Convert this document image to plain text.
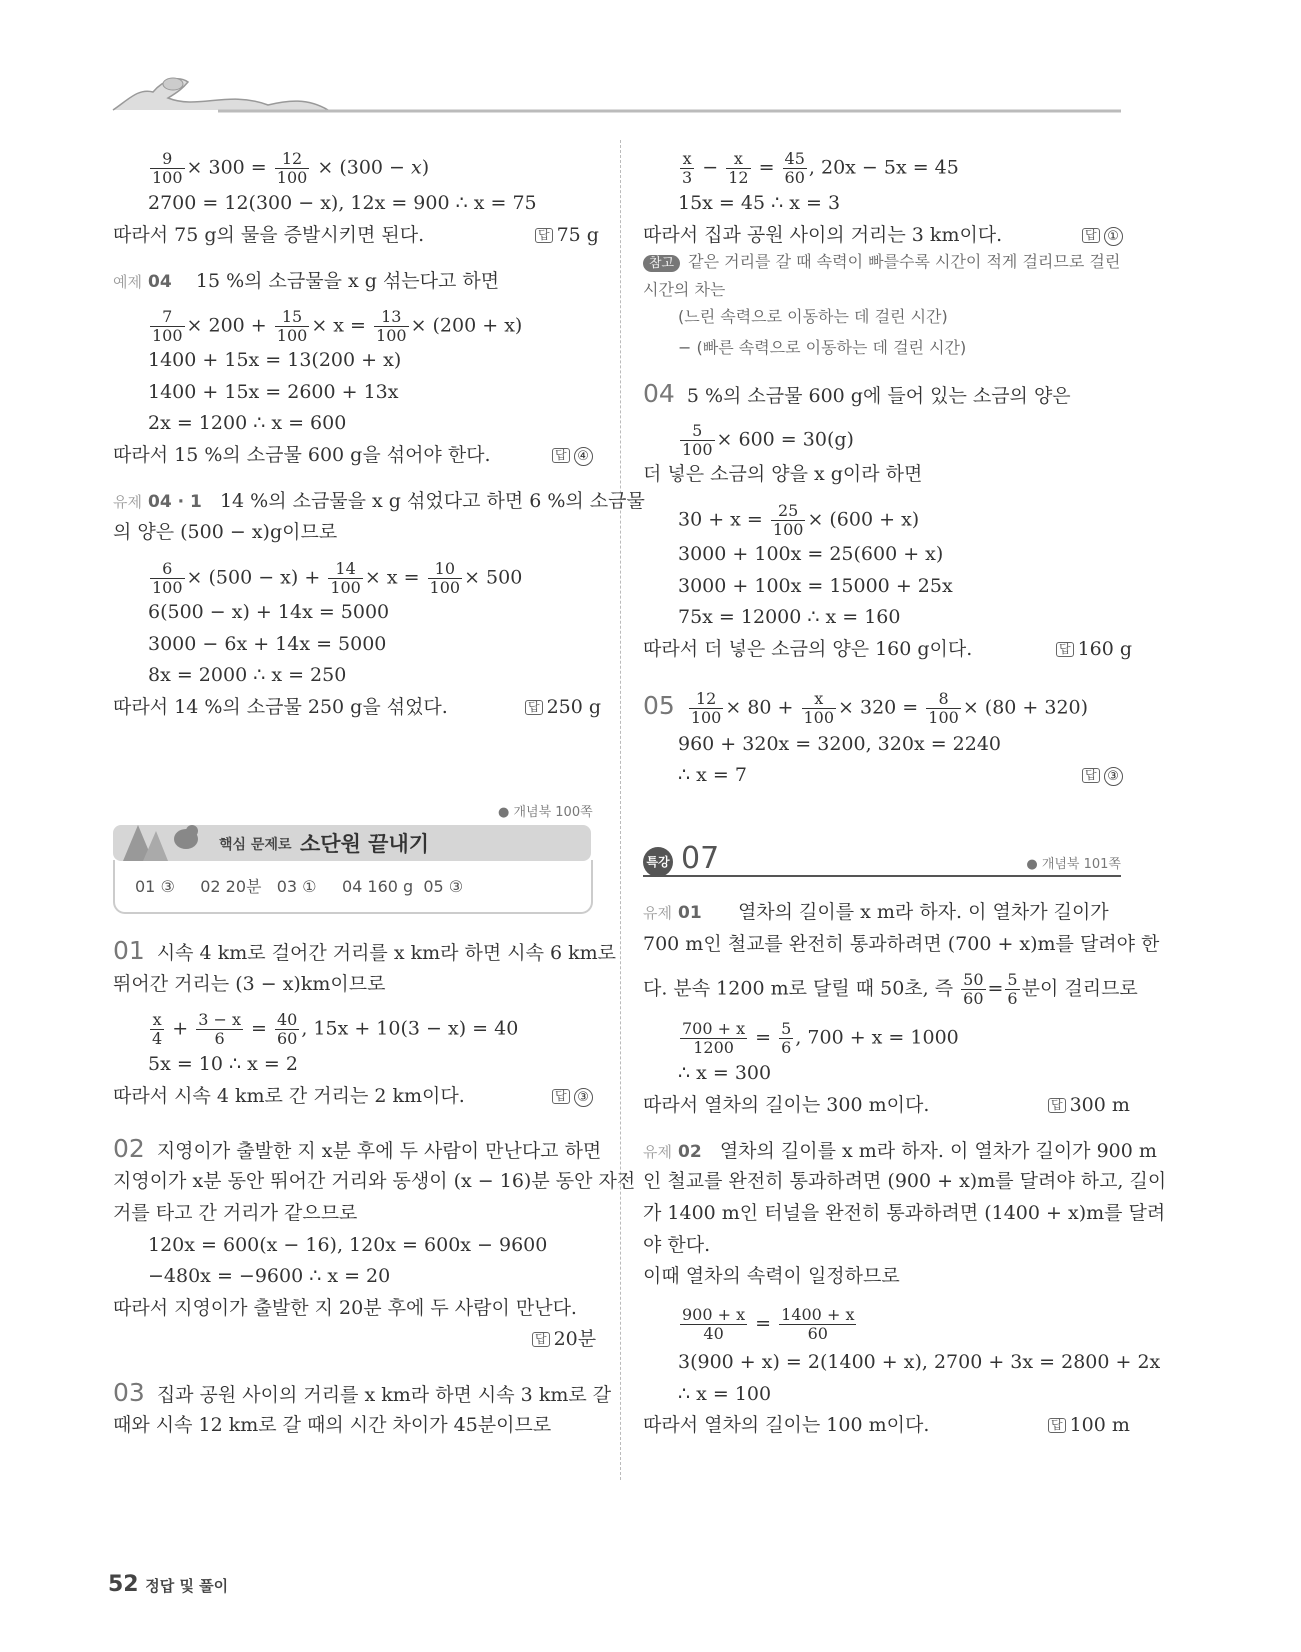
$\frac{9}{100} \times 300 = \frac{12}{100} \times (300 - x)$
2700 = 12(300 − x), 12x = 900 ∴ x = 75
따라서 75 g의 물을 증발시키면 된다.	답 75 g
예제 04 15 %의 소금물을 x g 섞는다고 하면
$\frac{7}{100} \times 200 + \frac{15}{100} \times x = \frac{13}{100} \times (200 + x)$
1400 + 15x = 13(200 + x)
1400 + 15x = 2600 + 13x
2x = 1200 ∴ x = 600
따라서 15 %의 소금물 600 g을 섞어야 한다.	답 ④
유제 04 · 1 14 %의 소금물을 x g 섞었다고 하면 6 %의 소금물
의 양은 (500 − x)g이므로
$\frac{6}{100} \times (500 - x) + \frac{14}{100} \times x = \frac{10}{100} \times 500$
6(500 − x) + 14x = 5000
3000 − 6x + 14x = 5000
8x = 2000 ∴ x = 250
따라서 14 %의 소금물 250 g을 섞었다.	답 250 g
● 개념북 100쪽
핵심 문제로 소단원 끝내기
01 ③     02 20분   03 ①     04 160 g  05 ③
01 시속 4 km로 걸어간 거리를 x km라 하면 시속 6 km로
뛰어간 거리는 (3 − x)km이므로
$\frac{x}{4} + \frac{3 - x}{6} = \frac{40}{60}$ , 15x + 10(3 − x) = 40
5x = 10 ∴ x = 2
따라서 시속 4 km로 간 거리는 2 km이다.	답 ③
02 지영이가 출발한 지 x분 후에 두 사람이 만난다고 하면
지영이가 x분 동안 뛰어간 거리와 동생이 (x − 16)분 동안 자전
거를 타고 간 거리가 같으므로
120x = 600(x − 16), 120x = 600x − 9600
−480x = −9600 ∴ x = 20
따라서 지영이가 출발한 지 20분 후에 두 사람이 만난다.
답 20분
03 집과 공원 사이의 거리를 x km라 하면 시속 3 km로 갈
때와 시속 12 km로 갈 때의 시간 차이가 45분이므로
52 정답 및 풀이
$\frac{x}{3} - \frac{x}{12} = \frac{45}{60}$ , 20x − 5x = 45
15x = 45 ∴ x = 3
따라서 집과 공원 사이의 거리는 3 km이다.	답 ①
참고 같은 거리를 갈 때 속력이 빠를수록 시간이 적게 걸리므로 걸린
시간의 차는
(느린 속력으로 이동하는 데 걸린 시간)
− (빠른 속력으로 이동하는 데 걸린 시간)
04 5 %의 소금물 600 g에 들어 있는 소금의 양은
$\frac{5}{100} \times 600 = 30(g)$
더 넣은 소금의 양을 x g이라 하면
$30 + x = \frac{25}{100} \times (600 + x)$
3000 + 100x = 25(600 + x)
3000 + 100x = 15000 + 25x
75x = 12000 ∴ x = 160
따라서 더 넣은 소금의 양은 160 g이다.	답 160 g
$05 \frac{12}{100} \times 80 + \frac{x}{100} \times 320 = \frac{8}{100} \times (80 + 320)$
960 + 320x = 3200, 320x = 2240
∴ x = 7	답 ③
특강 07	● 개념북 101쪽
유제 01 열차의 길이를 x m라 하자. 이 열차가 길이가
700 m인 철교를 완전히 통과하려면 (700 + x)m를 달려야 한
다. 분속 1200 m로 달릴 때 50초, 즉 $\frac{50}{60} = \frac{5}{6}$ 분이 걸리므로
$\frac{700 + x}{1200} = \frac{5}{6}$ , 700 + x = 1000
∴ x = 300
따라서 열차의 길이는 300 m이다.	답 300 m
유제 02 열차의 길이를 x m라 하자. 이 열차가 길이가 900 m
인 철교를 완전히 통과하려면 (900 + x)m를 달려야 하고, 길이
가 1400 m인 터널을 완전히 통과하려면 (1400 + x)m를 달려
야 한다.
이때 열차의 속력이 일정하므로
$\frac{900 + x}{40} = \frac{1400 + x}{60}$
3(900 + x) = 2(1400 + x), 2700 + 3x = 2800 + 2x
∴ x = 100
따라서 열차의 길이는 100 m이다.	답 100 m
